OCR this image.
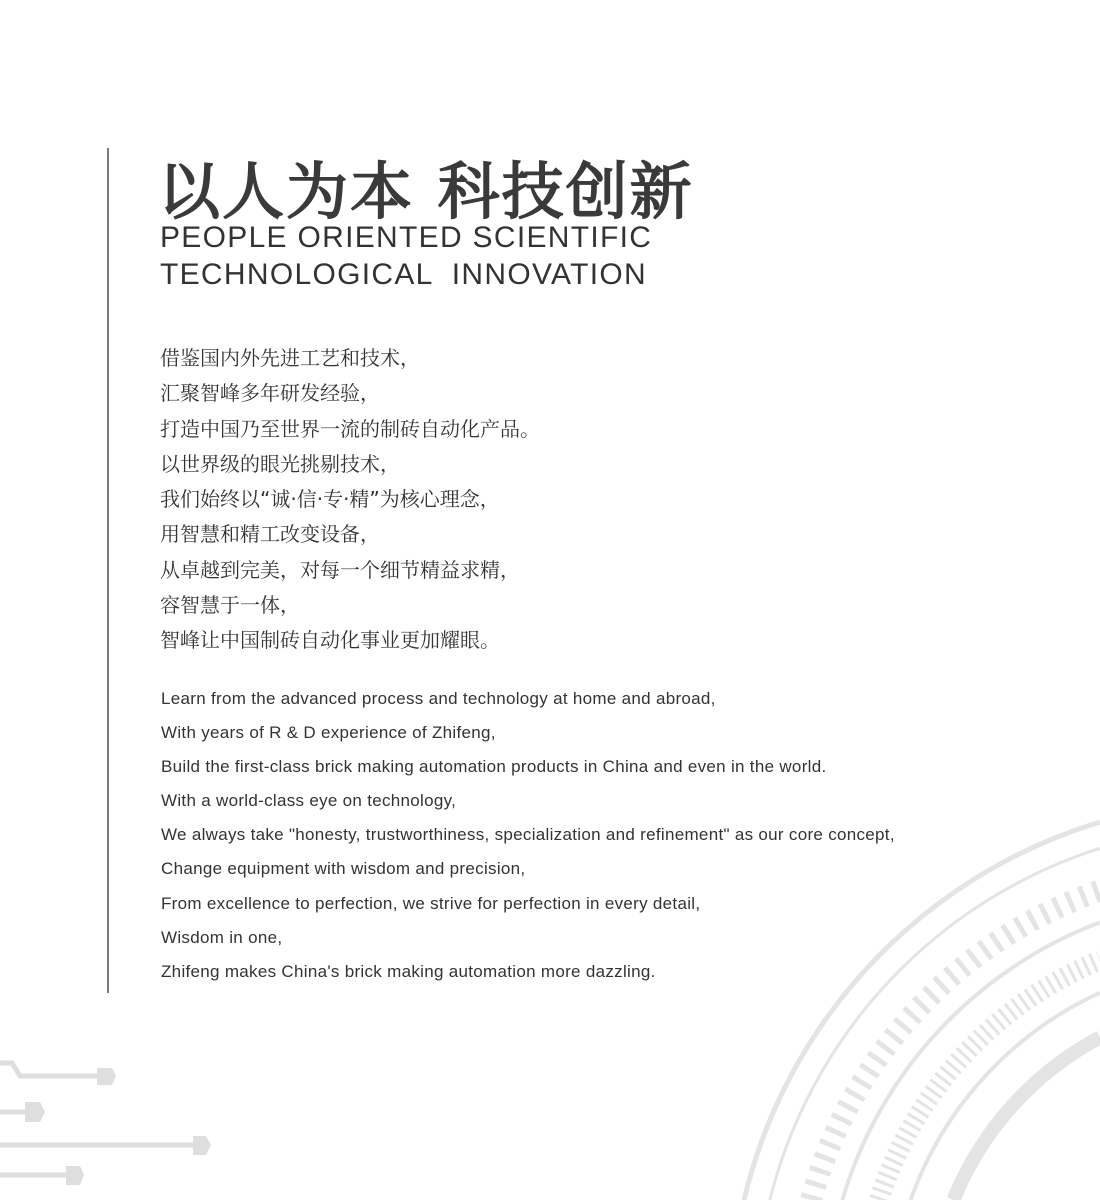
以人为本 科技创新
PEOPLE ORIENTED SCIENTIFIC
TECHNOLOGICAL  INNOVATION
借鉴国内外先进工艺和技术，
汇聚智峰多年研发经验，
打造中国乃至世界一流的制砖自动化产品。
以世界级的眼光挑剔技术，
我们始终以“诚·信·专·精”为核心理念，
用智慧和精工改变设备，
从卓越到完美，对每一个细节精益求精，
容智慧于一体，
智峰让中国制砖自动化事业更加耀眼。
Learn from the advanced process and technology at home and abroad,
With years of R & D experience of Zhifeng,
Build the first-class brick making automation products in China and even in the world.
With a world-class eye on technology,
We always take "honesty, trustworthiness, specialization and refinement" as our core concept,
Change equipment with wisdom and precision,
From excellence to perfection, we strive for perfection in every detail,
Wisdom in one,
Zhifeng makes China's brick making automation more dazzling.
